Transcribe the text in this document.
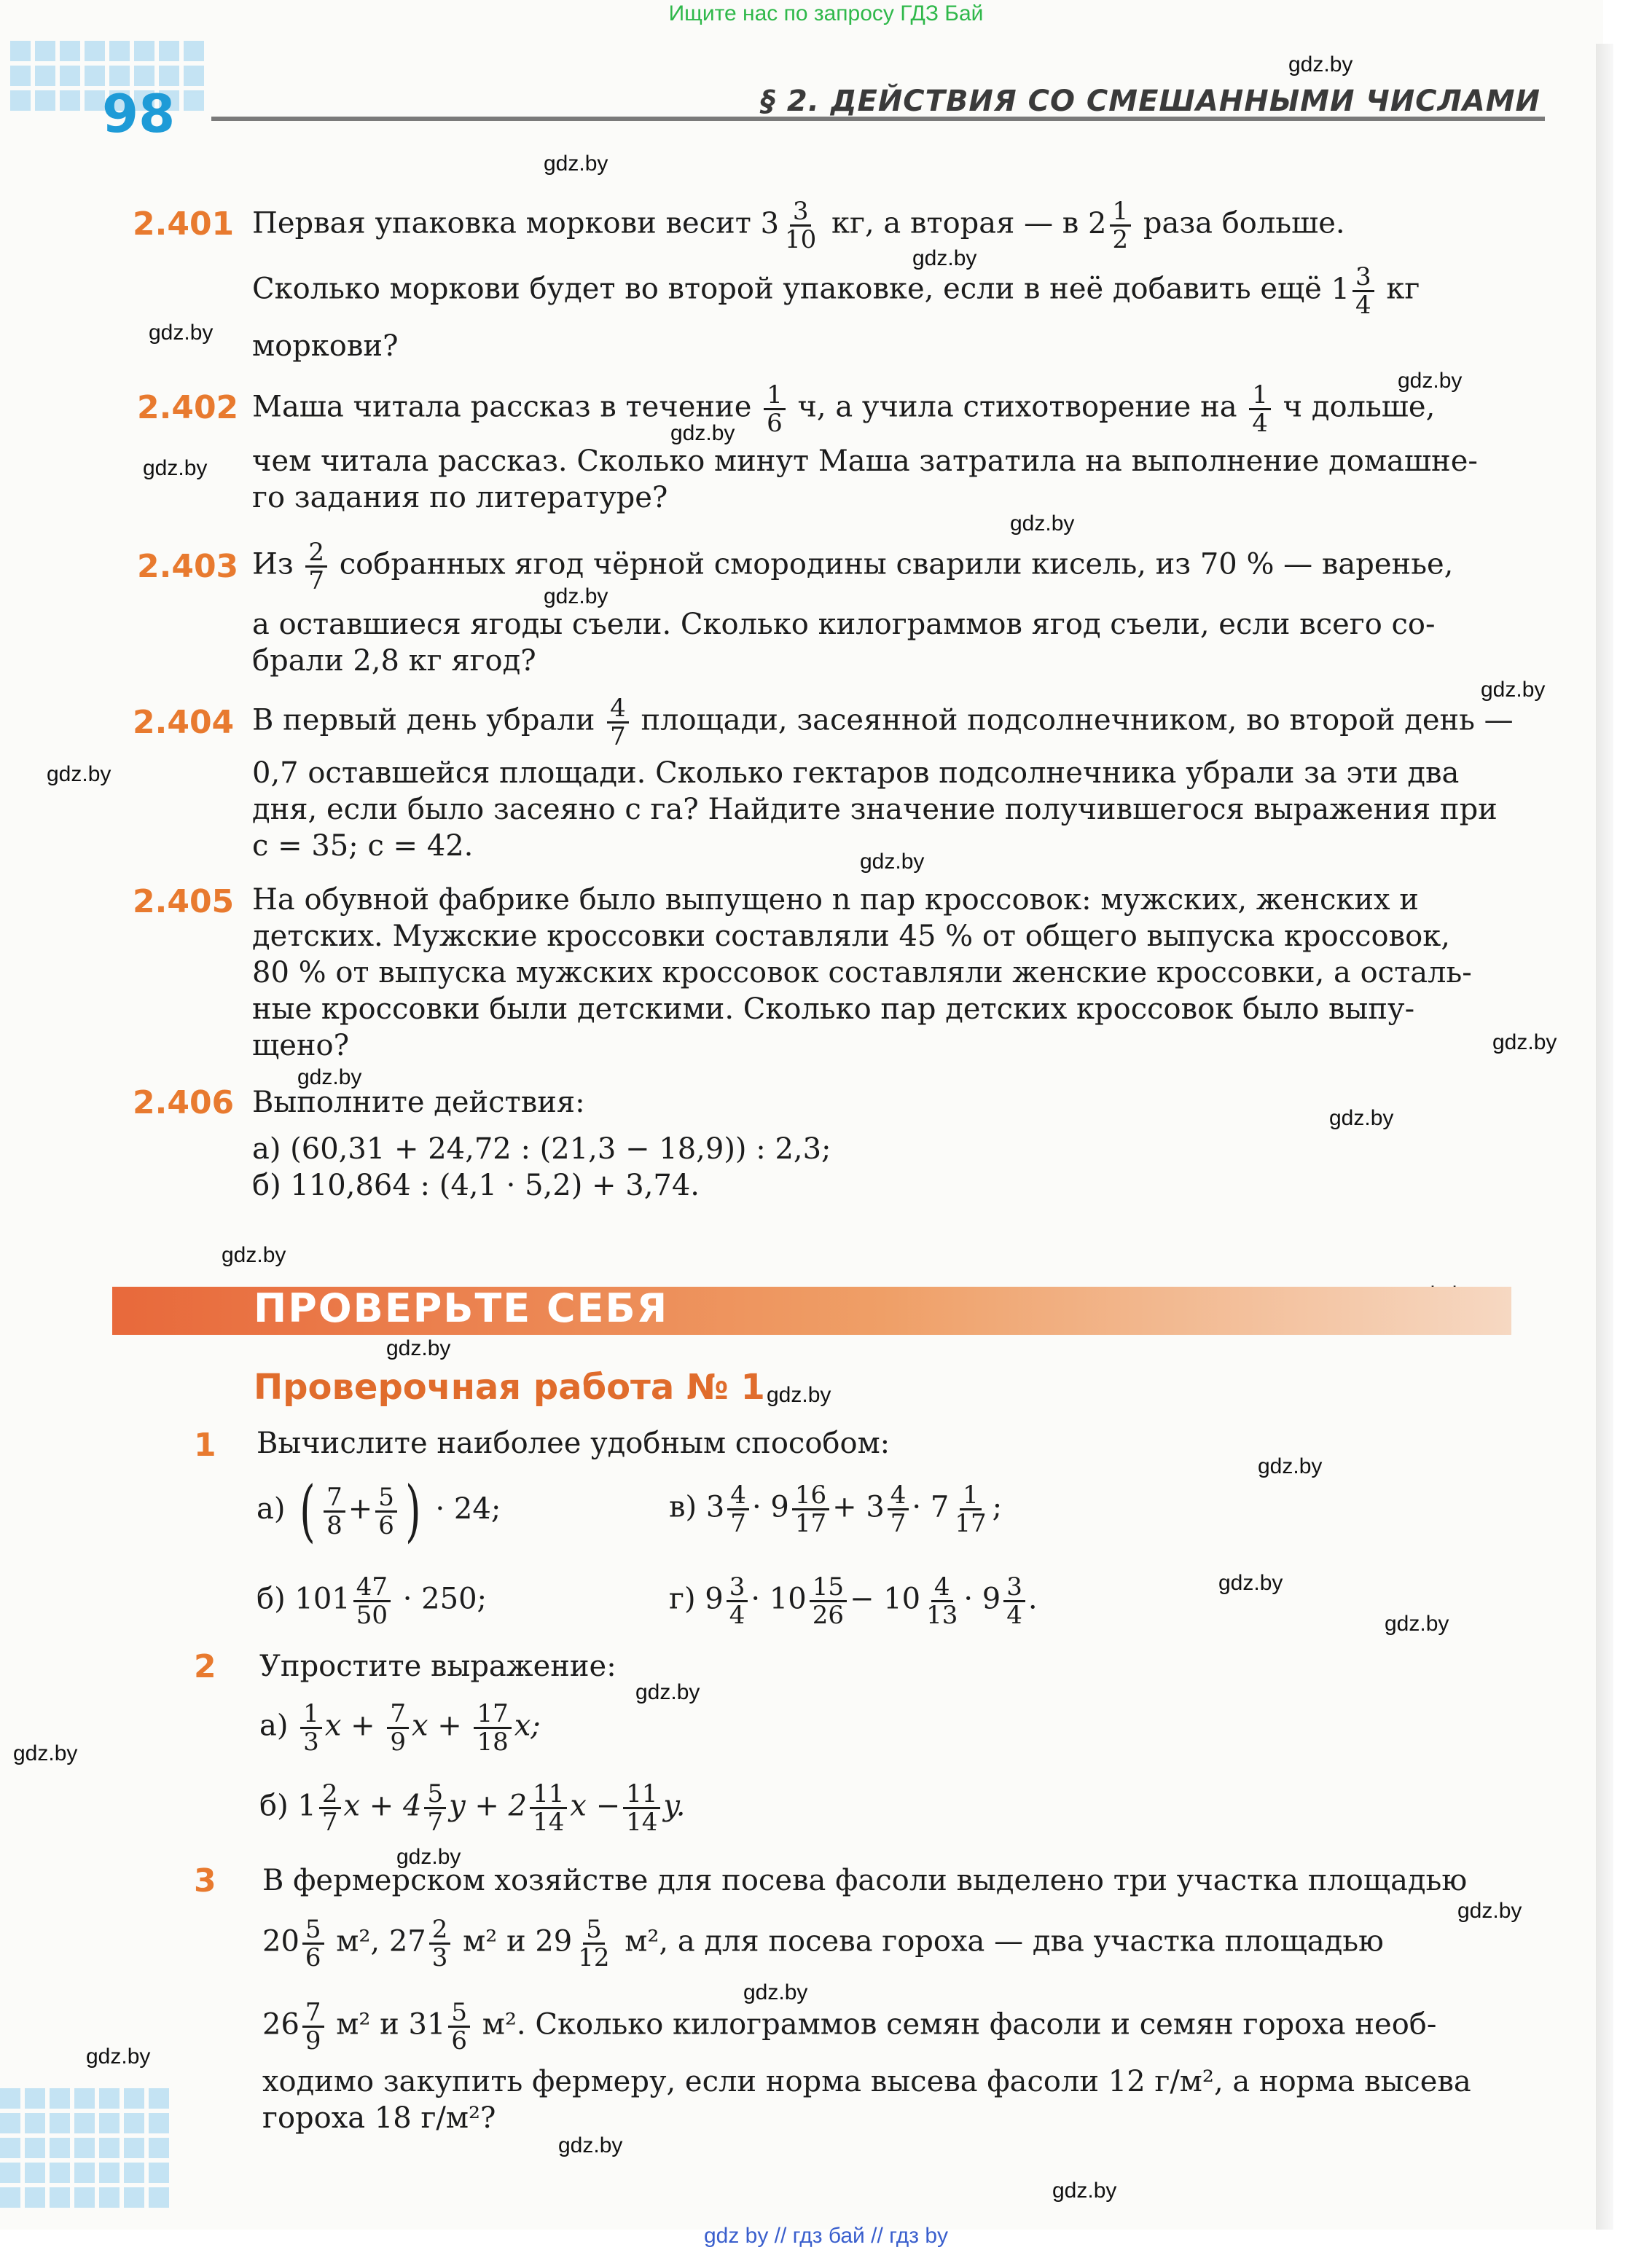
98	§ 2. ДЕЙСТВИЯ СО СМЕШАННЫМИ ЧИСЛАМИ
gdz.by
gdz.by
gdz.by
gdz.by
gdz.by
gdz.by
gdz.by
gdz.by
gdz.by
gdz.by
gdz.by
gdz.by
gdz.by
gdz.by
gdz.by
gdz.by
gdz.by
gdz.by
gdz.by
gdz.by
gdz.by
gdz.by
gdz.by
gdz.by
gdz.by
gdz.by
gdz.by
gdz.by
gdz.by
2.401 Первая упаковка моркови весит $3 \frac{3}{10}$ кг, а вторая — в $2 \frac{1}{2}$ раза больше.
Сколько моркови будет во второй упаковке, если в неё добавить ещё $1 \frac{3}{4}$ кг
моркови?
2.402 Маша читала рассказ в течение $\frac{1}{6} ч$, а учила стихотворение на $\frac{1}{4}$ ч дольше,
чем читала рассказ. Сколько минут Маша затратила на выполнение домашне-
го задания по литературе?
2.403 Из $\frac{2}{7}$ собранных ягод чёрной смородины сварили кисель, из 70 % — варенье,
а оставшиеся ягоды съели. Сколько килограммов ягод съели, если всего со-
брали 2,8 кг ягод?
2.404 В первый день убрали $\frac{4}{7}$ площади, засеянной подсолнечником, во второй день —
0,7 оставшейся площади. Сколько гектаров подсолнечника убрали за эти два
дня, если было засеяно с га? Найдите значение получившегося выражения при
с = 35; с = 42.
2.405 На обувной фабрике было выпущено n пар кроссовок: мужских, женских и
детских. Мужские кроссовки составляли 45 % от общего выпуска кроссовок,
80 % от выпуска мужских кроссовок составляли женские кроссовки, а осталь-
ные кроссовки были детскими. Сколько пар детских кроссовок было выпу-
щено?
2.406 Выполните действия:
а) (60,31 + 24,72 : (21,3 − 18,9)) : 2,3;
б) 110,864 : (4,1 · 5,2) + 3,74.
ПРОВЕРЬТЕ СЕБЯ
Проверочная работа № 1
1 Вычислите наиболее удобным способом:
а) ( $\frac{7}{8} + \frac{5}{6}$ ) · 24;	в) $3 \frac{4}{7} \cdot 9 \frac{16}{17} + 3 \frac{4}{7} \cdot 7 \frac{1}{17}$ ;
б) $101 \frac{47}{50} \cdot 250$;	г) $9 \frac{3}{4} \cdot 10 \frac{15}{26} - 10 \frac{4}{13} \cdot 9 \frac{3}{4}$ .
2 Упростите выражение:
$а) \frac{1}{3}$ $x + \frac{7}{9}$ $x + \frac{17}{18} x$;
б) $1 \frac{2}{7}$ $x + 4 \frac{5}{7}$ $y + 2 \frac{11}{14}$ $x - \frac{11}{14} y$.
3 В фермерском хозяйстве для посева фасоли выделено три участка площадью
$20 \frac{5}{6} м^2$, $27 \frac{2}{3} м^2$ и $29 \frac{5}{12} м^2$, а для посева гороха — два участка площадью
$26 \frac{7}{9} м^2$ и $31 \frac{5}{6} м^2$. Сколько килограммов семян фасоли и семян гороха необ-
ходимо закупить фермеру, если норма высева фасоли 12 г/м², а норма высева
гороха 18 г/м²?
Ищите нас по запросу ГДЗ Бай
gdz by // гдз бай // гдз by
